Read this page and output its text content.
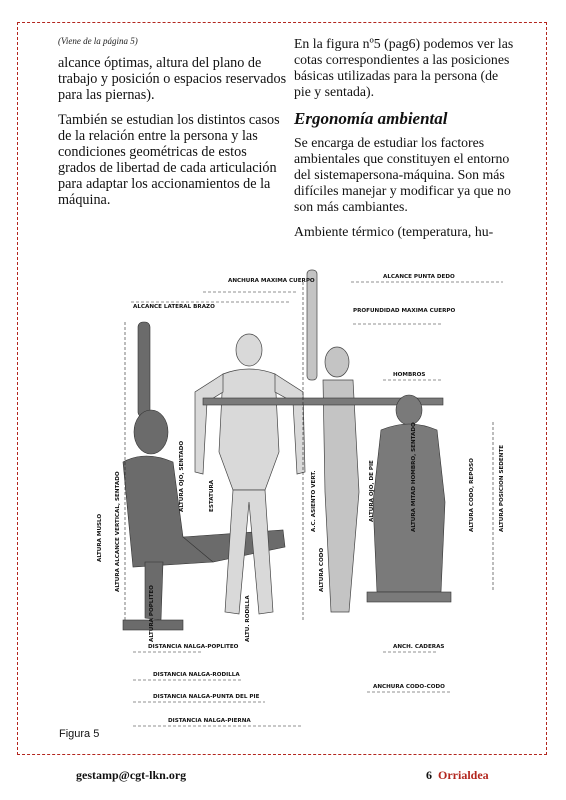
(Viene de la página 5)

alcance óptimas, altura del plano de trabajo y posición o espacios reservados para las piernas).

También se estudian los distintos casos de la relación entre la persona y las condiciones geométricas de estos grados de libertad de cada articulación para adaptar los accionamientos de la máquina.

En la figura nº5 (pag6) podemos ver las cotas correspondientes a las posiciones básicas utilizadas para la persona (de pie y sentada).

Ergonomía ambiental

Se encarga de estudiar los factores ambientales que constituyen el entorno del sistemapersona-máquina. Son más difíciles manejar y modificar ya que no son más cambiantes.

Ambiente térmico (temperatura, hu-

ANCHURA MAXIMA CUERPO
ALCANCE PUNTA DEDO
ALCANCE LATERAL BRAZO
PROFUNDIDAD MAXIMA CUERPO
HOMBROS
ALTURA ALCANCE VERTICAL, SENTADO
ALTURA MUSLO
ALTURA OJO, SENTADO	ESTATURA	A.C. ASIENTO VERT.
ALTURA CODO
ALTURA OJO, DE PIE	ALTURA MITAD HOMBRO, SENTADO	ALTURA CODO, REPOSO	ALTURA POSICION SEDENTE
ALTURA POPLITEO	ALTU. RODILLA
DISTANCIA NALGA-POPLITEO
DISTANCIA NALGA-RODILLA
DISTANCIA NALGA-PUNTA DEL PIE
DISTANCIA NALGA-PIERNA
ANCH. CADERAS
ANCHURA CODO-CODO
Figura 5
gestamp@cgt-lkn.org	6 Orrialdea
